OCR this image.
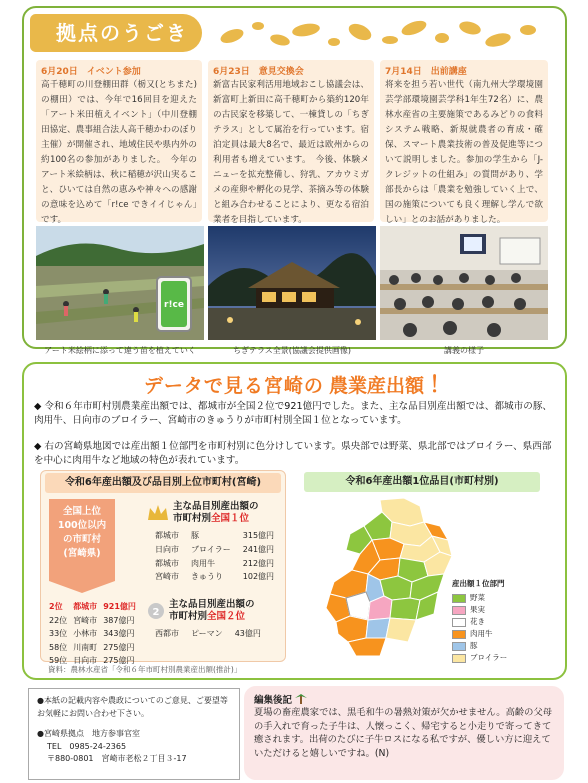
拠点のうごき
6月20日　イベント参加
高千穂町の川登棚田群（栃又(とちまた)の棚田）では、今年で16回目を迎えた「アート米田植えイベント」（中川登棚田協定、農事組合法人高千穂かわのぼり主催）が開催され、地域住民や県内外の約100名の参加がありました。　今年のアート米絵柄は、秋に稲穂が沢山実ること、ひいては自然の恵みや神々への感謝の意味を込めて「r!ce できイイじゃん」です。
6月23日　意見交換会
新富古民家利活用地域おこし協議会は、新富町上新田に高千穂町から築約120年の古民家を移築して、一棟貸しの「ちぎテラス」として属治を行っています。宿泊定員は最大8名で、最近は欧州からの利用者も増えています。　今後、体験メニューを拡充整備し、狩乳、アカウミガメの産卵や孵化の見学、茶摘み等の体験と組み合わせることにより、更なる宿泊業者を目指しています。
7月14日　出前講座
将来を担う若い世代（南九州大学環境園芸学部環境園芸学科1年生72名）に、農林水産省の主要施策であるみどりの食料システム戦略、新規就農者の育成・確保、スマート農業技術の普及促進等について説明しました。参加の学生から「J-クレジットの仕組み」の質問があり、学部長からは「農業を勉強していく上で、国の施策についても良く理解し学んで欲しい」とのお話がありました。
r!ce
アート米絵柄に添って違う苗を植えていく	ちぎテラス全景(協議会提供画像)	講義の様子
データで見る宮崎の 農業産出額 ！
◆ 令和６年市町村別農業産出額では、都城市が全国２位で921億円でした。また、主な品目別産出額では、都城市の豚、肉用牛、日向市のブロイラー、宮崎市のきゅうりが市町村別全国１位となっています。
◆ 右の宮崎県地図では産出額１位部門を市町村別に色分けしています。県央部では野菜、県北部ではブロイラー、県西部を中心に肉用牛など地域の特色が表れています。
令和6年産出額及び品目別上位市町村(宮崎)
全国上位
100位以内
の市町村
(宮崎県)
2位	都城市	921億円
22位	宮崎市	387億円
33位	小林市	343億円
58位	川南町	275億円
59位	日向市	275億円
主な品目別産出額の
市町村別全国１位
都城市	豚	315億円
日向市	ブロイラー	241億円
都城市	肉用牛	212億円
宮崎市	きゅうり	102億円
2
主な品目別産出額の
市町村別全国２位
西都市	ピーマン	43億円
資料：農林水産省「令和６年市町村別農業産出額(推計)」
令和6年産出額1位品目(市町村別)
産出額１位部門
野菜
果実
花き
肉用牛
豚
ブロイラー
●本紙の記載内容や農政についてのご意見、ご要望等お気軽にお問い合わせ下さい。
●宮崎県拠点　地方参事官室
TEL　0985-24-2365
〒880-0801　宮崎市老松２丁目３-17
編集後記
夏場の畜産農家では、黒毛和牛の暑熱対策が欠かせません。高齢の父母の手入れで育った子牛は、人懐っこく、帰宅すると小走りで寄ってきて癒されます。出荷のたびに子牛ロスになる私ですが、優しい方に迎えていただけると嬉しいですね。(N)
